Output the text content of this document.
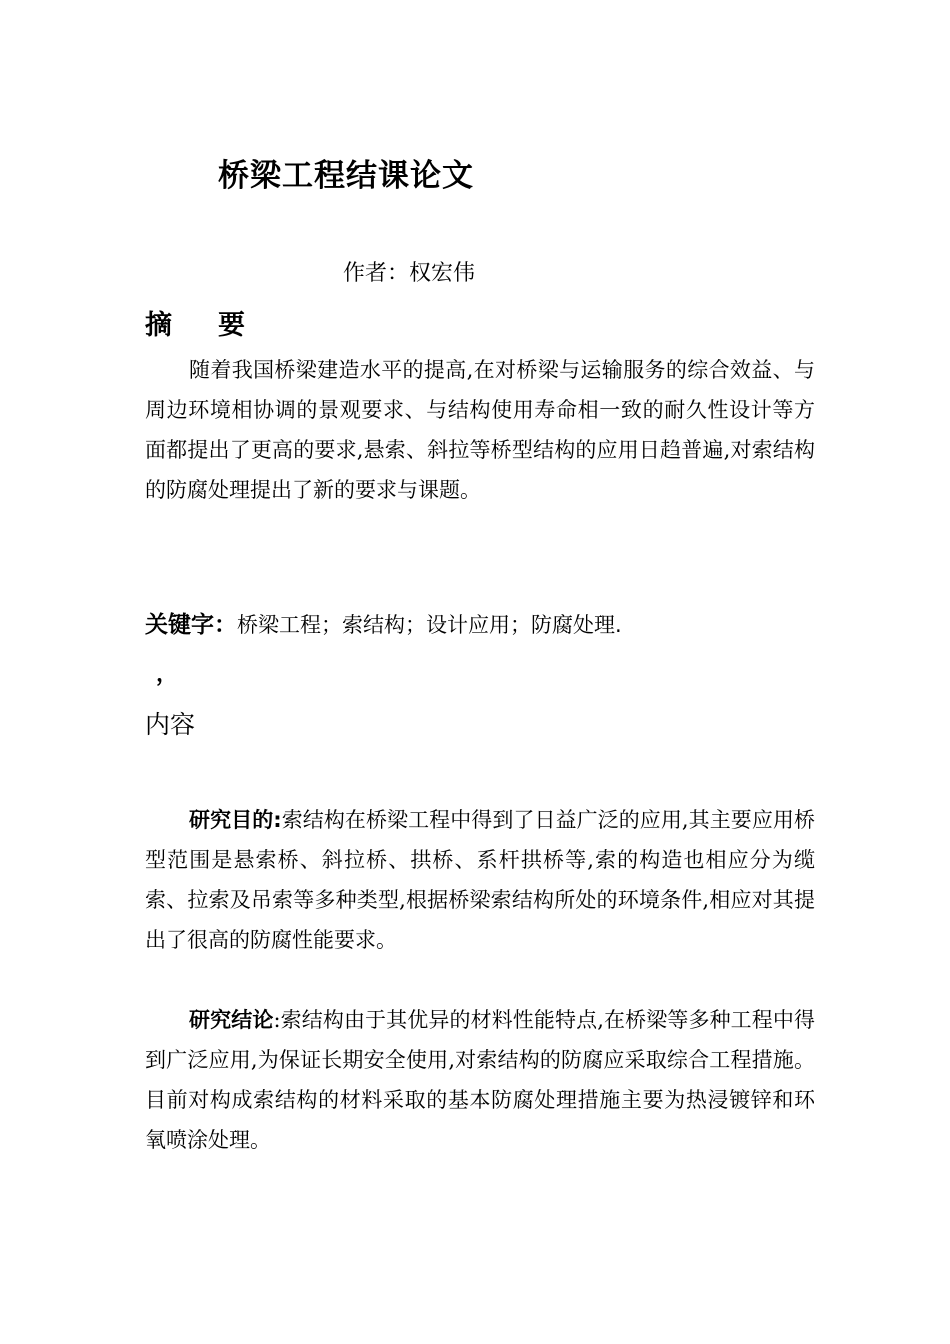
桥梁工程结课论文
作者：权宏伟
摘 要
随着我国桥梁建造水平的提高,在对桥梁与运输服务的综合效益、与周边环境相协调的景观要求、与结构使用寿命相一致的耐久性设计等方面都提出了更高的要求,悬索、斜拉等桥型结构的应用日趋普遍,对索结构的防腐处理提出了新的要求与课题。
关键字：桥梁工程；索结构；设计应用；防腐处理.
，
内容
研究目的:索结构在桥梁工程中得到了日益广泛的应用,其主要应用桥型范围是悬索桥、斜拉桥、拱桥、系杆拱桥等,索的构造也相应分为缆索、拉索及吊索等多种类型,根据桥梁索结构所处的环境条件,相应对其提出了很高的防腐性能要求。
研究结论:索结构由于其优异的材料性能特点,在桥梁等多种工程中得到广泛应用,为保证长期安全使用,对索结构的防腐应采取综合工程措施。目前对构成索结构的材料采取的基本防腐处理措施主要为热浸镀锌和环氧喷涂处理。
